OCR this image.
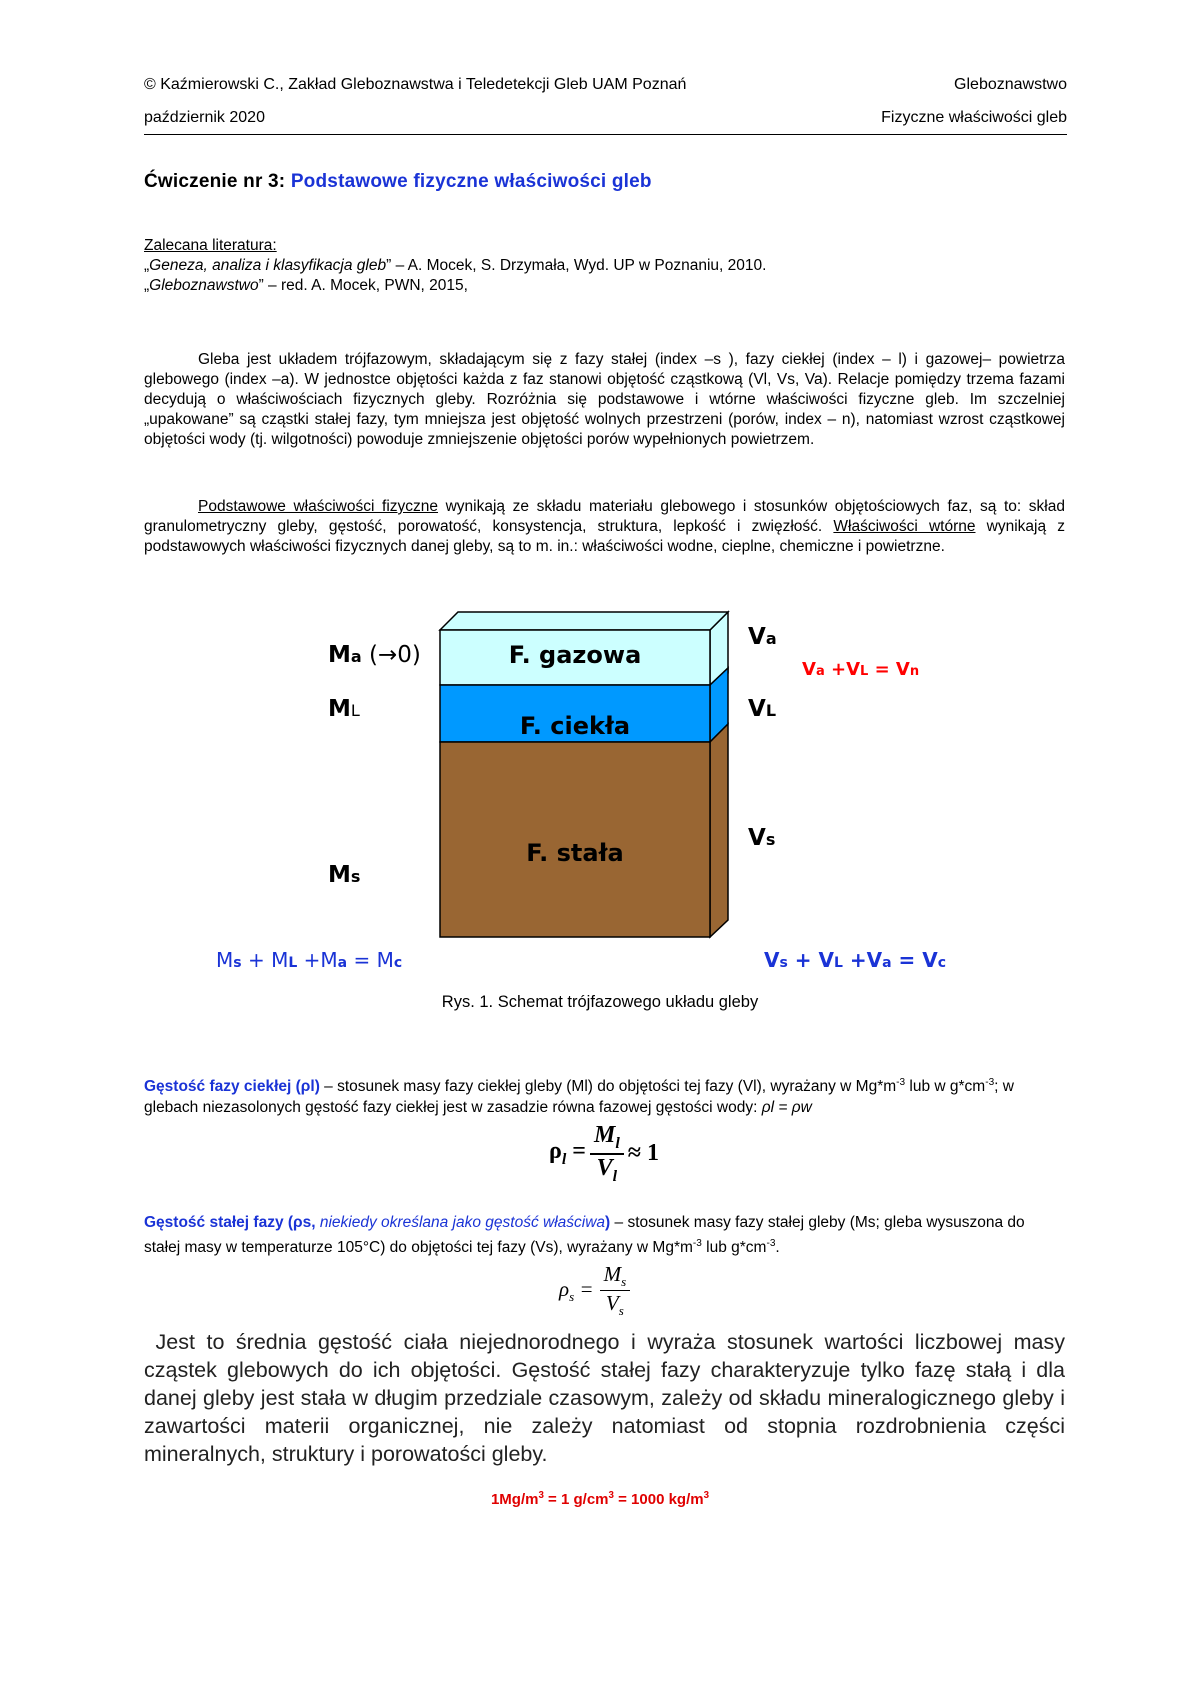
© Kaźmierowski C., Zakład Gleboznawstwa i Teledetekcji Gleb UAM Poznań	Gleboznawstwo
październik 2020	Fizyczne właściwości gleb
Ćwiczenie nr 3: Podstawowe fizyczne właściwości gleb
Zalecana literatura:
„Geneza, analiza i klasyfikacja gleb” – A. Mocek, S. Drzymała, Wyd. UP w Poznaniu, 2010.
„Gleboznawstwo” – red. A. Mocek, PWN, 2015,
Gleba jest układem trójfazowym, składającym się z fazy stałej (index –s ), fazy ciekłej (index – l) i gazowej– powietrza glebowego (index –a). W jednostce objętości każda z faz stanowi objętość cząstkową (Vl, Vs, Va). Relacje pomiędzy trzema fazami decydują o właściwościach fizycznych gleby. Rozróżnia się podstawowe i wtórne właściwości fizyczne gleb. Im szczelniej „upakowane” są cząstki stałej fazy, tym mniejsza jest objętość wolnych przestrzeni (porów, index – n), natomiast wzrost cząstkowej objętości wody (tj. wilgotności) powoduje zmniejszenie objętości porów wypełnionych powietrzem.
Podstawowe właściwości fizyczne wynikają ze składu materiału glebowego i stosunków objętościowych faz, są to: skład granulometryczny gleby, gęstość, porowatość, konsystencja, struktura, lepkość i zwięzłość. Właściwości wtórne wynikają z podstawowych właściwości fizycznych danej gleby, są to m. in.: właściwości wodne, cieplne, chemiczne i powietrzne.
F. gazowa
F. ciekła
F. stała
Ma (→0)
ML
Ms
Va
VL
Vs
Va +VL = Vn
Ms + ML +Ma = Mc	Vs + VL +Va = Vc
Rys. 1. Schemat trójfazowego układu gleby
Gęstość fazy ciekłej (ρl) – stosunek masy fazy ciekłej gleby (Ml) do objętości tej fazy (Vl), wyrażany w $Mg*m^{-3}$ lub w $g*cm^{-3}$; w glebach niezasolonych gęstość fazy ciekłej jest w zasadzie równa fazowej gęstości wody: ρl = ρw
$\rho_l$ =	$M_l$	≈ 1
$V_l$
Gęstość stałej fazy (ρs, niekiedy określana jako gęstość właściwa) – stosunek masy fazy stałej gleby (Ms; gleba wysuszona do stałej masy w temperaturze 105°C) do objętości tej fazy (Vs), wyrażany w $Mg*m^{-3}$ lub $g*cm^{-3}$.
$\rho_s$ =	$M_s$
$V_s$
Jest to średnia gęstość ciała niejednorodnego i wyraża stosunek wartości liczbowej masy cząstek glebowych do ich objętości. Gęstość stałej fazy charakteryzuje tylko fazę stałą i dla danej gleby jest stała w długim przedziale czasowym, zależy od składu mineralogicznego gleby i zawartości materii organicznej, nie zależy natomiast od stopnia rozdrobnienia części mineralnych, struktury i porowatości gleby.
$1Mg/m^3 = 1$ $g/cm^3 = 1000$ $kg/m^3$
